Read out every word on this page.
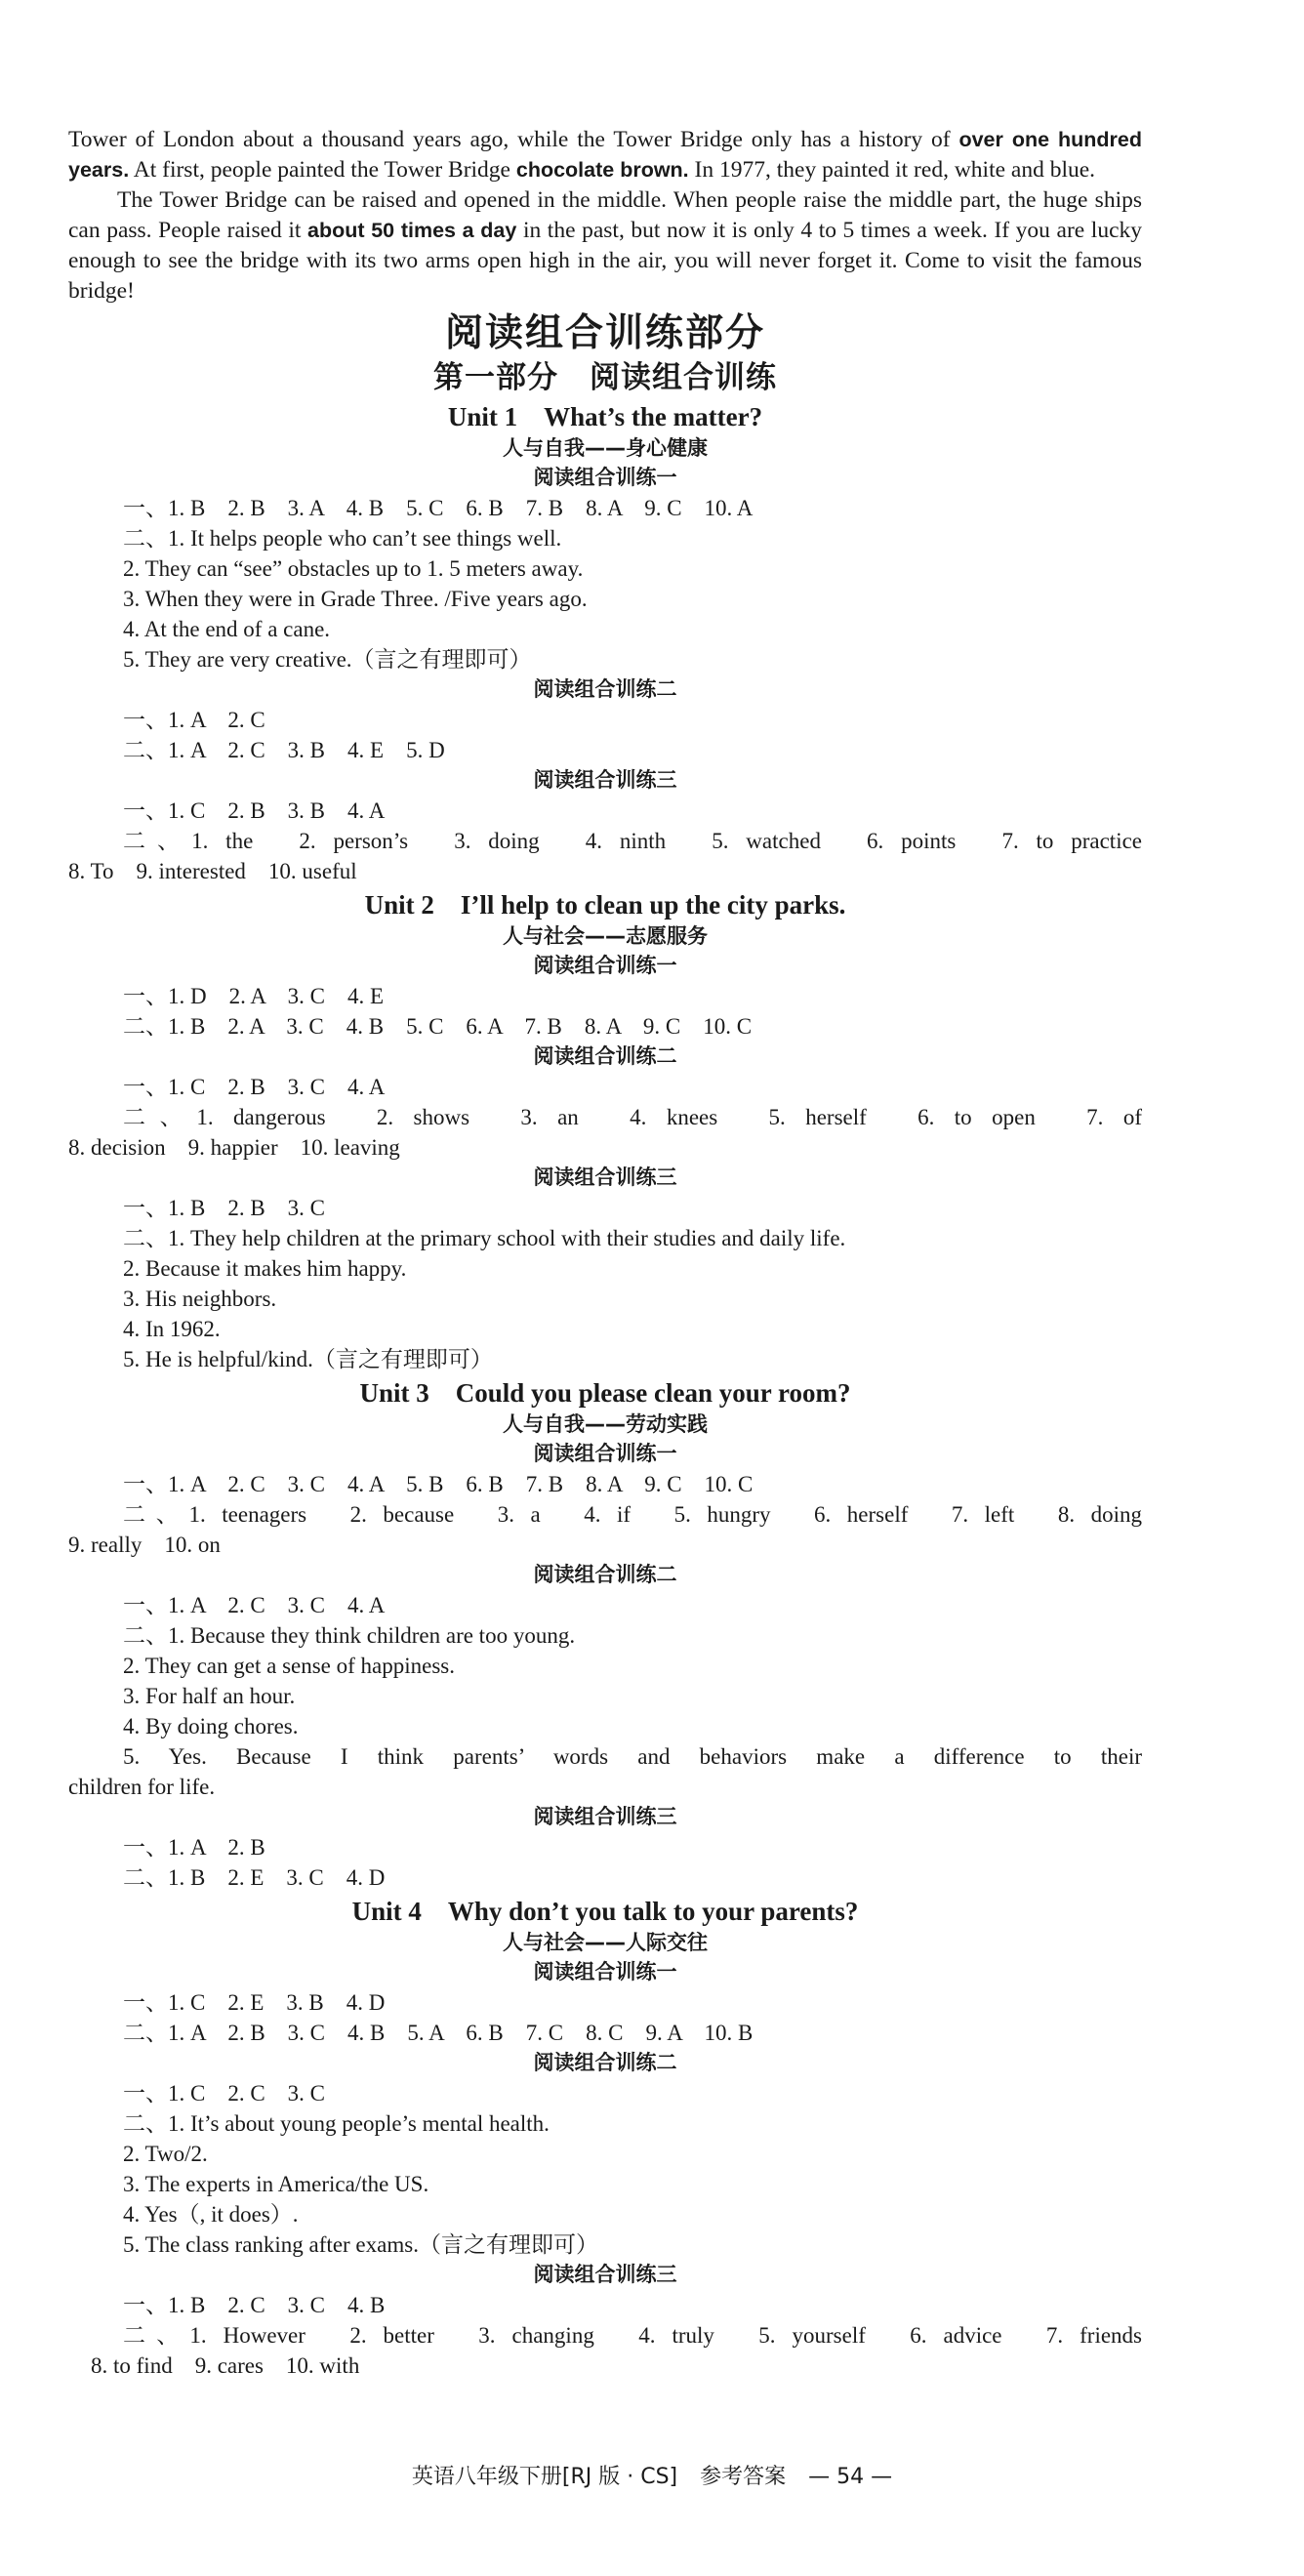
Tower of London about a thousand years ago, while the Tower Bridge only has a history of over one hundred years. At first, people painted the Tower Bridge chocolate brown. In 1977, they painted it red, white and blue.

The Tower Bridge can be raised and opened in the middle. When people raise the middle part, the huge ships can pass. People raised it about 50 times a day in the past, but now it is only 4 to 5 times a week. If you are lucky enough to see the bridge with its two arms open high in the air, you will never forget it. Come to visit the famous bridge!

阅读组合训练部分
第一部分　阅读组合训练
Unit 1　What’s the matter?
人与自我——身心健康
阅读组合训练一
一、1. B　2. B　3. A　4. B　5. C　6. B　7. B　8. A　9. C　10. A
二、1. It helps people who can’t see things well.
2. They can “see” obstacles up to 1. 5 meters away.
3. When they were in Grade Three. /Five years ago.
4. At the end of a cane.
5. They are very creative.（言之有理即可）
阅读组合训练二
一、1. A　2. C
二、1. A　2. C　3. B　4. E　5. D
阅读组合训练三
一、1. C　2. B　3. B　4. A
二、1. the　2. person’s　3. doing　4. ninth　5. watched　6. points　7. to practice
8. To　9. interested　10. useful
Unit 2　I’ll help to clean up the city parks.
人与社会——志愿服务
阅读组合训练一
一、1. D　2. A　3. C　4. E
二、1. B　2. A　3. C　4. B　5. C　6. A　7. B　8. A　9. C　10. C
阅读组合训练二
一、1. C　2. B　3. C　4. A
二、1. dangerous　2. shows　3. an　4. knees　5. herself　6. to open　7. of
8. decision　9. happier　10. leaving
阅读组合训练三
一、1. B　2. B　3. C
二、1. They help children at the primary school with their studies and daily life.
2. Because it makes him happy.
3. His neighbors.
4. In 1962.
5. He is helpful/kind.（言之有理即可）
Unit 3　Could you please clean your room?
人与自我——劳动实践
阅读组合训练一
一、1. A　2. C　3. C　4. A　5. B　6. B　7. B　8. A　9. C　10. C
二、1. teenagers　2. because　3. a　4. if　5. hungry　6. herself　7. left　8. doing
9. really　10. on
阅读组合训练二
一、1. A　2. C　3. C　4. A
二、1. Because they think children are too young.
2. They can get a sense of happiness.
3. For half an hour.
4. By doing chores.
5. Yes. Because I think parents’ words and behaviors make a difference to their
children for life.
阅读组合训练三
一、1. A　2. B
二、1. B　2. E　3. C　4. D
Unit 4　Why don’t you talk to your parents?
人与社会——人际交往
阅读组合训练一
一、1. C　2. E　3. B　4. D
二、1. A　2. B　3. C　4. B　5. A　6. B　7. C　8. C　9. A　10. B
阅读组合训练二
一、1. C　2. C　3. C
二、1. It’s about young people’s mental health.
2. Two/2.
3. The experts in America/the US.
4. Yes（, it does）.
5. The class ranking after exams.（言之有理即可）
阅读组合训练三
一、1. B　2. C　3. C　4. B
二、1. However　2. better　3. changing　4. truly　5. yourself　6. advice　7. friends
　8. to find　9. cares　10. with
英语八年级下册[RJ 版 · CS] 参考答案 — 54 —
